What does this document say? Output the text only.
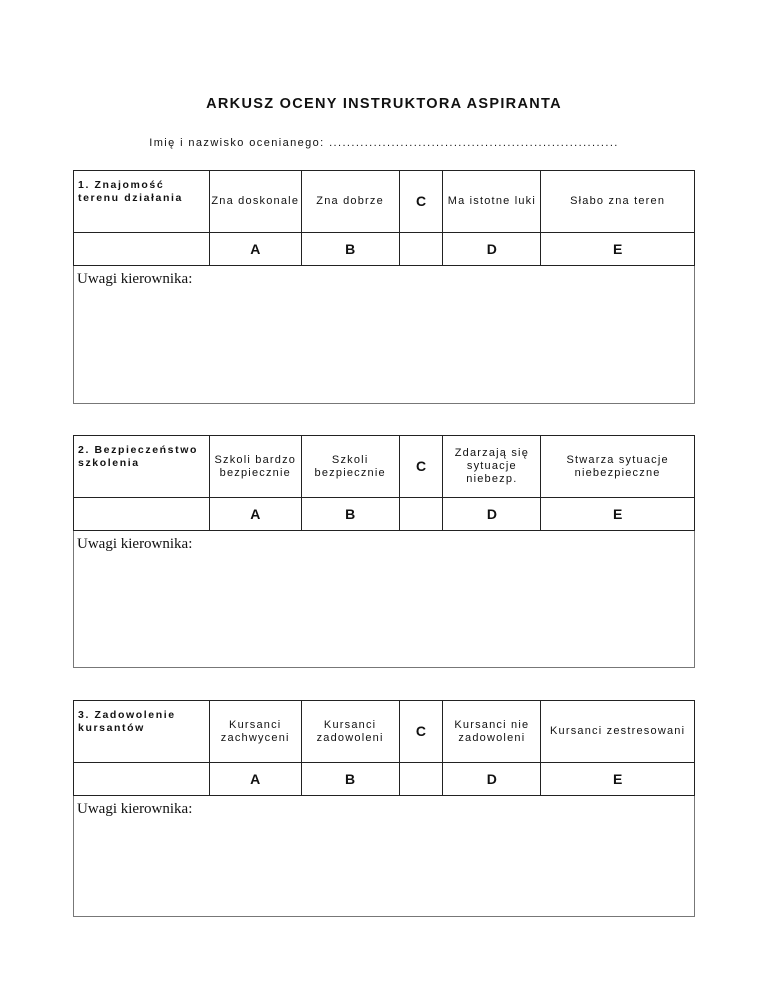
ARKUSZ OCENY INSTRUKTORA ASPIRANTA
Imię i nazwisko ocenianego: .................................................................
1. Znajomość terenu działania	Zna doskonale	Zna dobrze	C	Ma istotne luki	Słabo zna teren
	A	B		D	E
Uwagi kierownika:
2. Bezpieczeństwo szkolenia	Szkoli bardzo bezpiecznie	Szkoli bezpiecznie	C	Zdarzają się sytuacje niebezp.	Stwarza sytuacje niebezpieczne
	A	B		D	E
Uwagi kierownika:
3. Zadowolenie kursantów	Kursanci zachwyceni	Kursanci zadowoleni	C	Kursanci nie zadowoleni	Kursanci zestresowani
	A	B		D	E
Uwagi kierownika:
